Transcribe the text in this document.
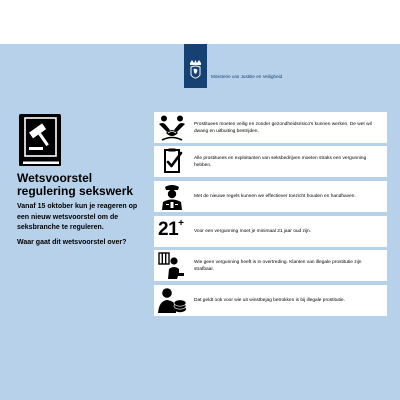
Ministerie van Justitie en Veiligheid
Wetsvoorstel
regulering sekswerk
Vanaf 15 oktober kun je reageren op een nieuw wetsvoorstel om de seksbranche te reguleren.
Waar gaat dit wetsvoorstel over?
Prostituees moeten veilig en zonder gezondheidsrisico's kunnen werken. De wet wil dwang en uitbuiting bestrijden.
Alle prostituees en exploitanten van seksbedrijven moeten straks een vergunning hebben.
Met de nieuwe regels kunnen we effectiever toezicht houden en handhaven.
21+
Voor een vergunning moet je minimaal 21 jaar oud zijn.
Wie geen vergunning heeft is in overtreding. Klanten van illegale prostitutie zijn strafbaar.
Dat geldt ook voor wie uit winstbejag betrokken is bij illegale prostitutie.
